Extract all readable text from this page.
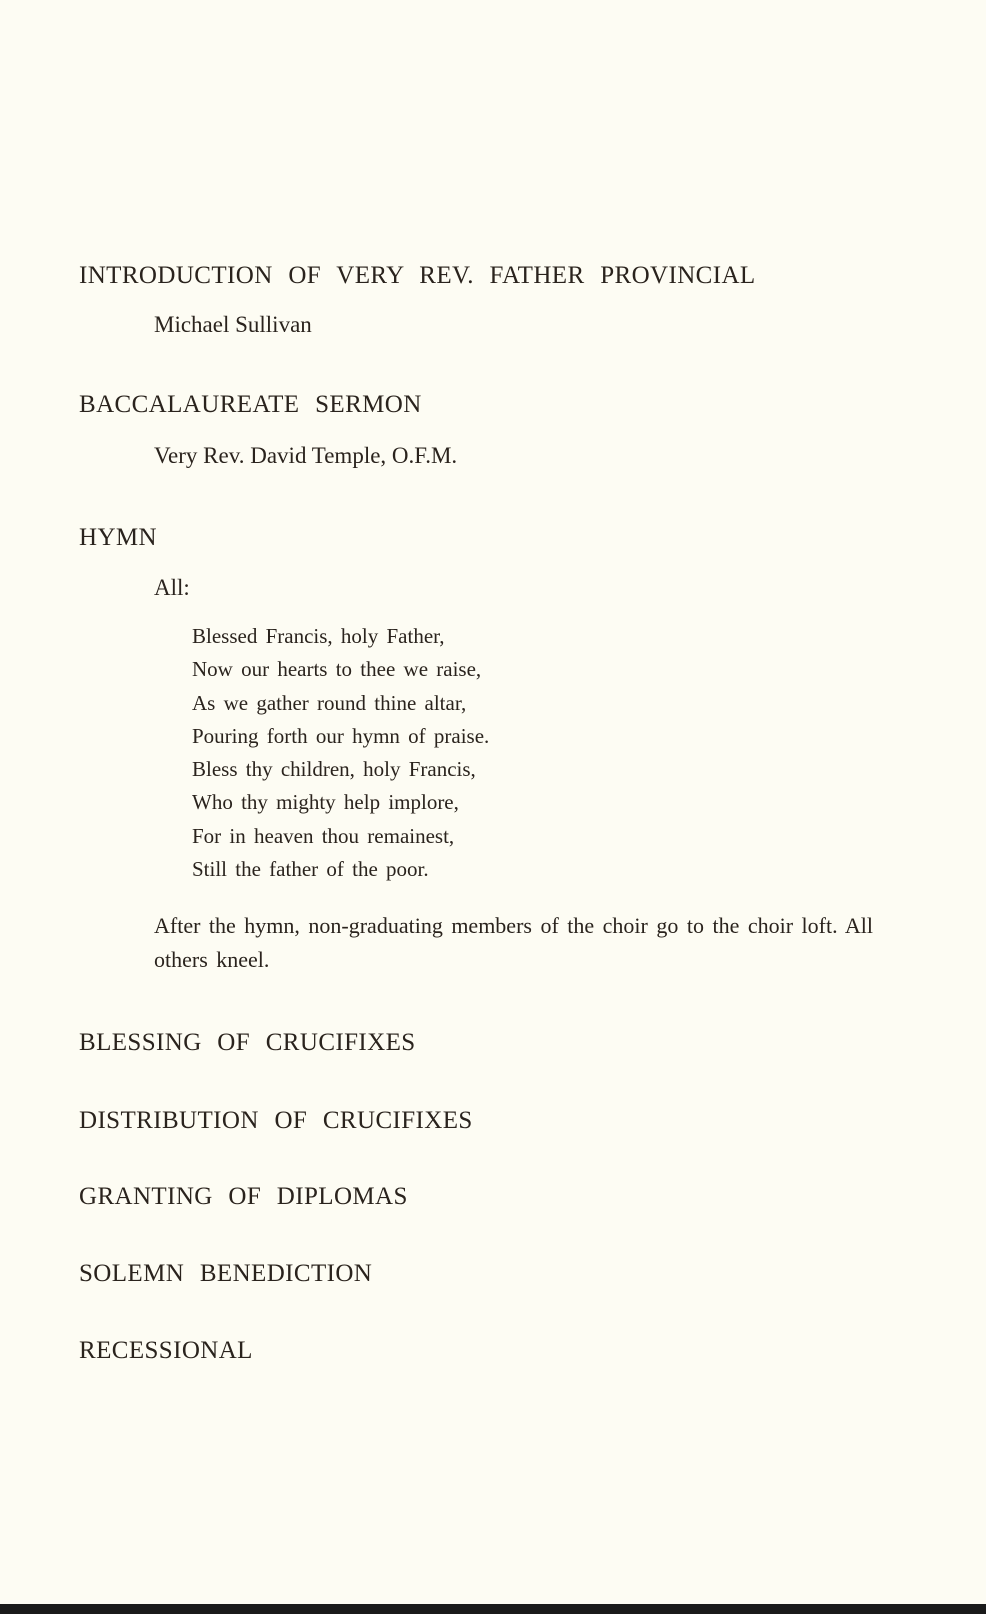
INTRODUCTION OF VERY REV. FATHER PROVINCIAL
Michael Sullivan
BACCALAUREATE SERMON
Very Rev. David Temple, O.F.M.
HYMN
All:
Blessed Francis, holy Father,
Now our hearts to thee we raise,
As we gather round thine altar,
Pouring forth our hymn of praise.
Bless thy children, holy Francis,
Who thy mighty help implore,
For in heaven thou remainest,
Still the father of the poor.

After the hymn, non-graduating members of the choir go to the choir loft. All others kneel.

BLESSING OF CRUCIFIXES
DISTRIBUTION OF CRUCIFIXES
GRANTING OF DIPLOMAS
SOLEMN BENEDICTION
RECESSIONAL
